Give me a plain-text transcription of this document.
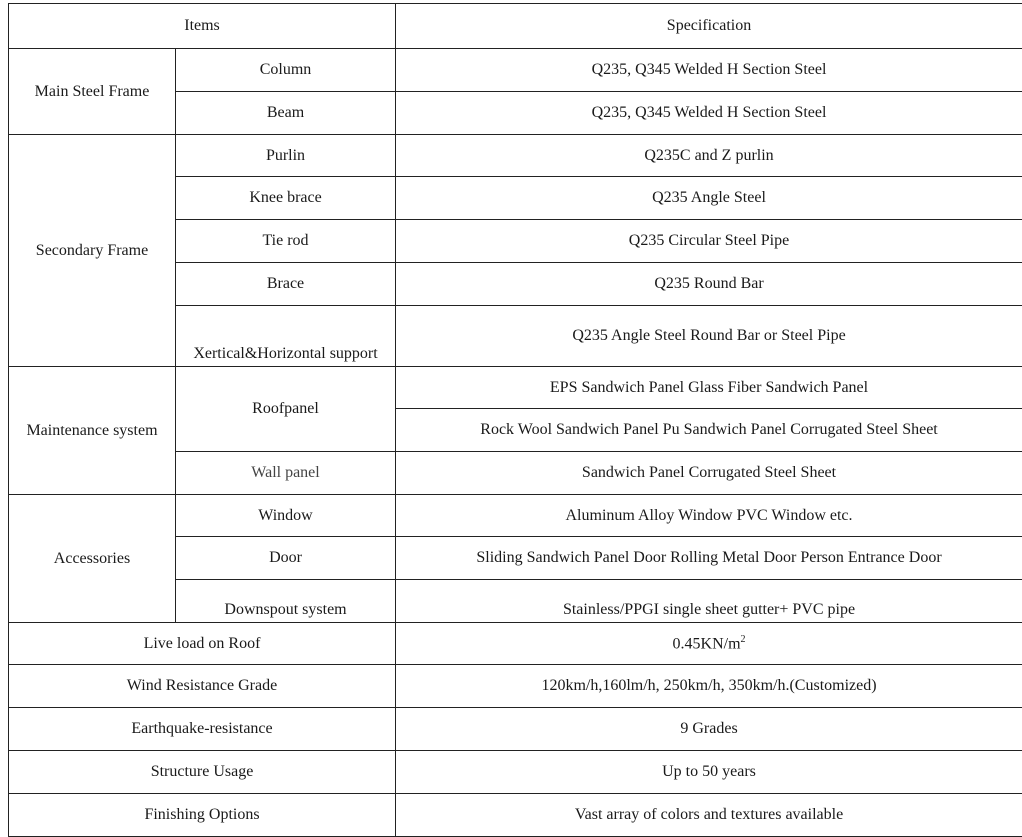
Items		Specification
Main Steel Frame	Column	Q235, Q345 Welded H Section Steel
	Beam	Q235, Q345 Welded H Section Steel
Secondary Frame	Purlin	Q235C and Z purlin
	Knee brace	Q235 Angle Steel
	Tie rod	Q235 Circular Steel Pipe
	Brace	Q235 Round Bar
	Xertical&Horizontal support	Q235 Angle Steel Round Bar or Steel Pipe
Maintenance system	Roofpanel	EPS Sandwich Panel Glass Fiber Sandwich Panel
		Rock Wool Sandwich Panel Pu Sandwich Panel Corrugated Steel Sheet
	Wall panel	Sandwich Panel Corrugated Steel Sheet
Accessories	Window	Aluminum Alloy Window PVC Window etc.
	Door	Sliding Sandwich Panel Door Rolling Metal Door Person Entrance Door
	Downspout system	Stainless/PPGI single sheet gutter+ PVC pipe
Live load on Roof		$0.45KN/m^2$
Wind Resistance Grade		120km/h,160lm/h, 250km/h, 350km/h.(Customized)
Earthquake-resistance		9 Grades
Structure Usage		Up to 50 years
Finishing Options		Vast array of colors and textures available
